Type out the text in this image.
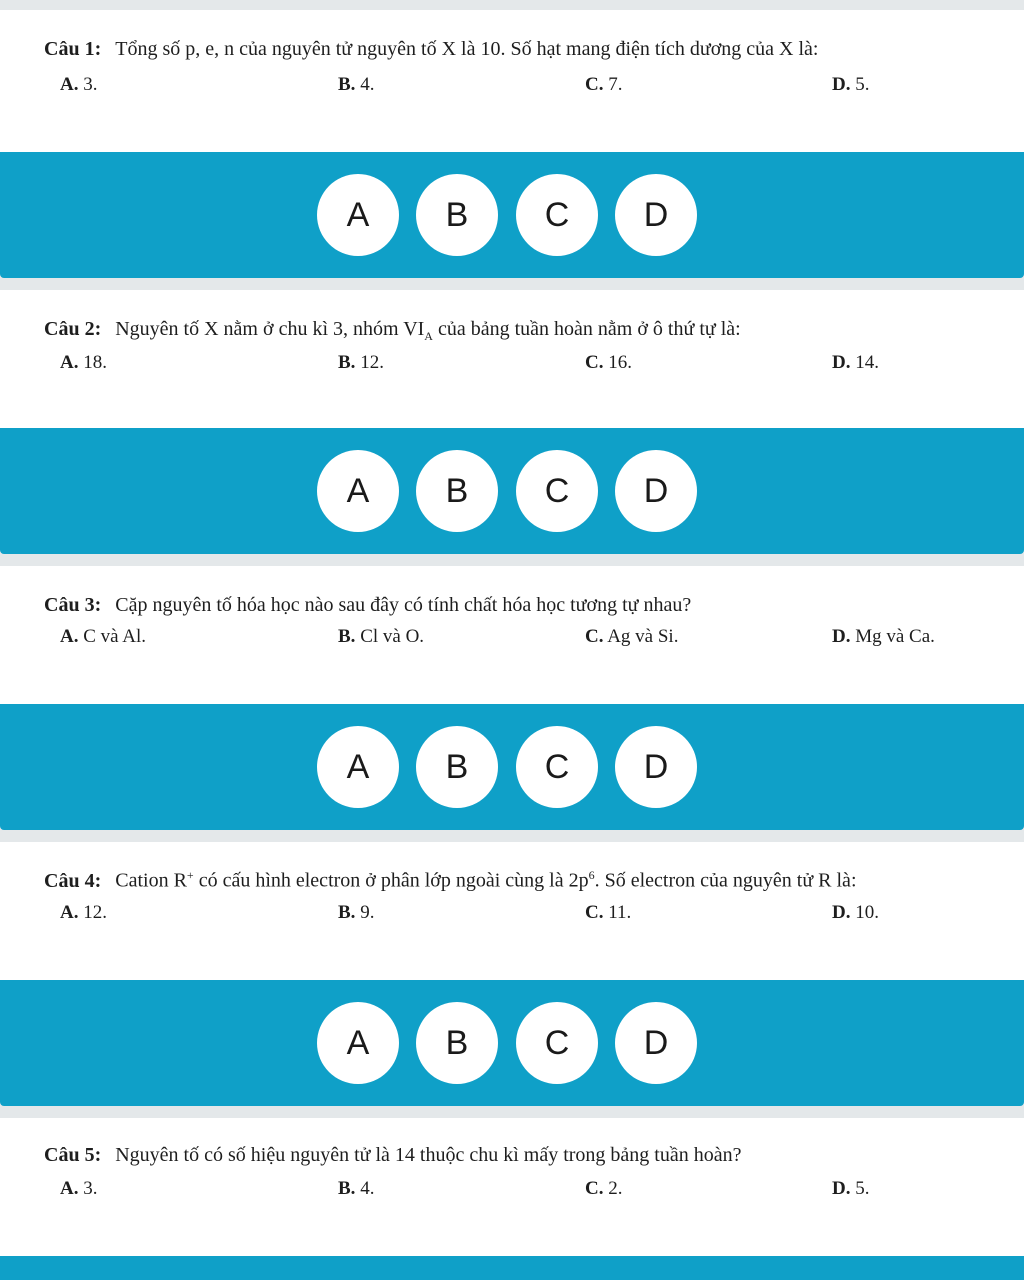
Câu 1: Tổng số p, e, n của nguyên tử nguyên tố X là 10. Số hạt mang điện tích dương của X là:
A. 3.	B. 4.	C. 7.	D. 5.
A	B	C	D
Câu 2: Nguyên tố X nằm ở chu kì 3, nhóm $VI_A$ của bảng tuần hoàn nằm ở ô thứ tự là:
A. 18.	B. 12.	C. 16.	D. 14.
A	B	C	D
Câu 3: Cặp nguyên tố hóa học nào sau đây có tính chất hóa học tương tự nhau?
A. C và Al.	B. Cl và O.	C. Ag và Si.	D. Mg và Ca.
A	B	C	D
Câu 4: Cation R+ có cấu hình electron ở phân lớp ngoài cùng là $2p^6$. Số electron của nguyên tử R là:
A. 12.	B. 9.	C. 11.	D. 10.
A	B	C	D
Câu 5: Nguyên tố có số hiệu nguyên tử là 14 thuộc chu kì mấy trong bảng tuần hoàn?
A. 3.	B. 4.	C. 2.	D. 5.
